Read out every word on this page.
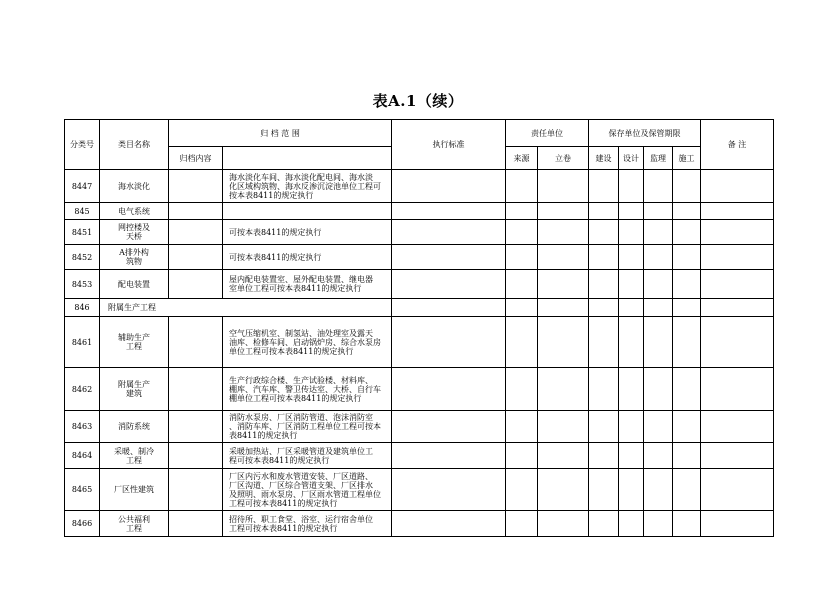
表A.1（续）
分类号	类目名称	归 档 范 围		执行标准	责任单位		保存单位及保管期限				备 注
		归档内容			来源	立卷	建设	设计	监理	施工	
8447	海水淡化		海水淡化车间、海水淡化配电间、海水淡
化区域构筑物、海水反渗沉淀池单位工程可
按本表8411的规定执行								
845	电气系统										
8451	网控楼及
天桥		可按本表8411的规定执行								
8452	A排外构
筑物		可按本表8411的规定执行								
8453	配电装置		屋内配电装置室、屋外配电装置、继电器
室单位工程可按本表8411的规定执行								
846	附属生产工程										
8461	辅助生产
工程		空气压缩机室、制氢站、油处理室及露天
油库、检修车间、启动锅炉房、综合水泵房
单位工程可按本表8411的规定执行								
8462	附属生产
建筑		生产行政综合楼、生产试验楼、材料库、
棚库、汽车库、警卫传达室、大桥、自行车
棚单位工程可按本表8411的规定执行								
8463	消防系统		消防水泵房、厂区消防管道、泡沫消防室
、消防车库、厂区消防工程单位工程可按本
表8411的规定执行								
8464	采暖、制冷
工程		采暖加热站、厂区采暖管道及建筑单位工
程可按本表8411的规定执行								
8465	厂区性建筑		厂区内污水和废水管道安装、厂区道路、
厂区沟道、厂区综合管道支架、厂区排水
及照明、雨水泵房、厂区雨水管道工程单位
工程可按本表8411的规定执行								
8466	公共福利
工程		招待所、职工食堂、浴室、运行宿舍单位
工程可按本表8411的规定执行								
